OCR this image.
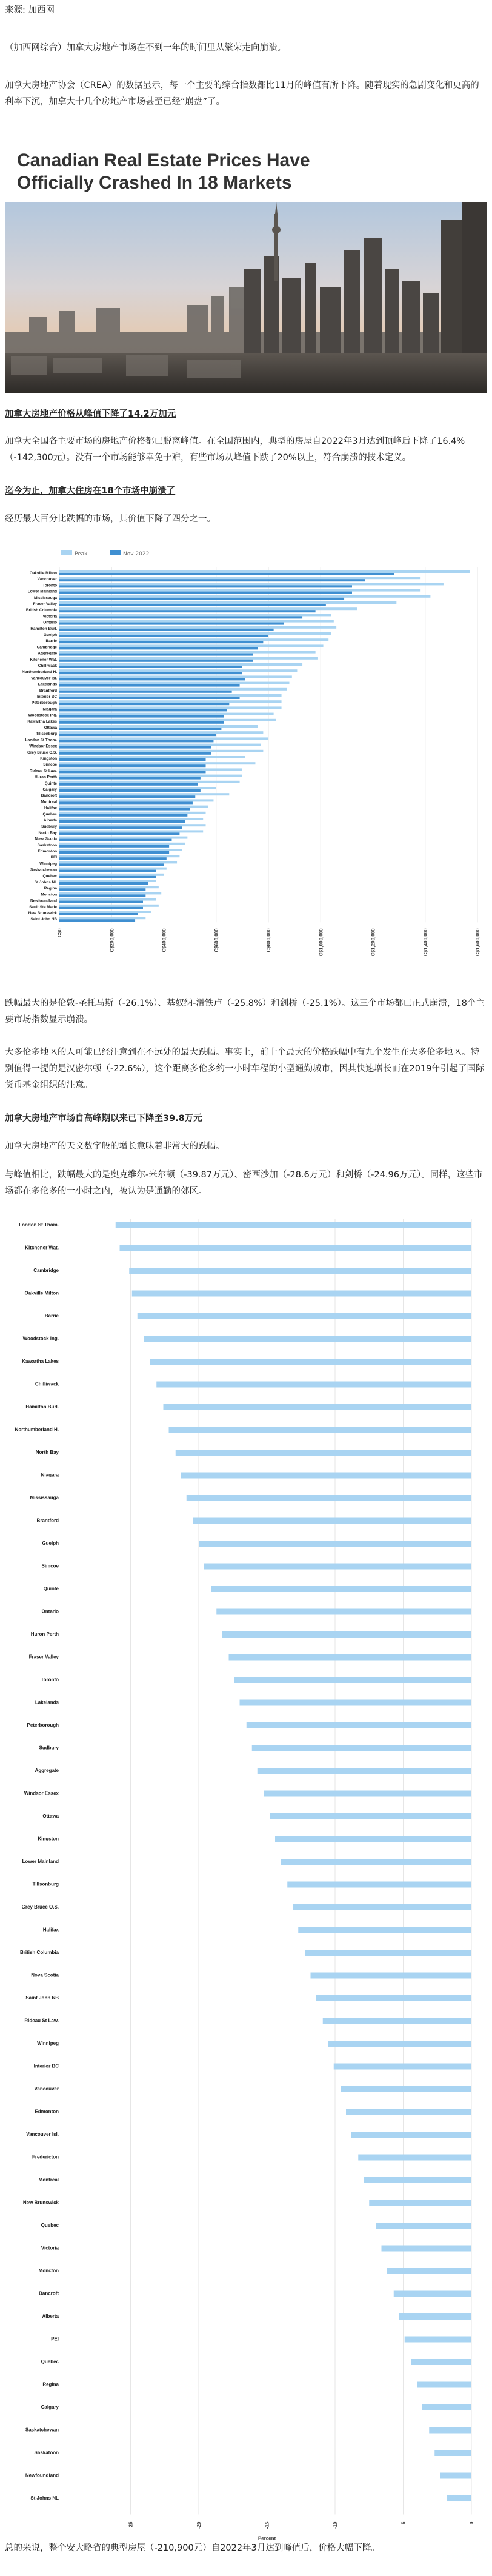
来源: 加西网

（加西网综合）加拿大房地产市场在不到一年的时间里从繁荣走向崩溃。

加拿大房地产协会（CREA）的数据显示，每一个主要的综合指数都比11月的峰值有所下降。随着现实的急剧变化和更高的利率下沉，加拿大十几个房地产市场甚至已经“崩盘”了。

Canadian Real Estate Prices Have Officially Crashed In 18 Markets

加拿大房地产价格从峰值下降了14.2万加元

加拿大全国各主要市场的房地产价格都已脱离峰值。在全国范围内，典型的房屋自2022年3月达到顶峰后下降了16.4%（-142,300元）。没有一个市场能够幸免于难，有些市场从峰值下跌了20%以上，符合崩溃的技术定义。

迄今为止，加拿大住房在18个市场中崩溃了

经历最大百分比跌幅的市场，其价值下降了四分之一。

Peak	Nov 2022
C$0	C$200,000	C$400,000	C$600,000	C$800,000	C$1,000,000	C$1,200,000	C$1,400,000	C$1,600,000
Oakville Milton
Vancouver
Toronto
Lower Mainland
Mississauga
Fraser Valley
British Columbia
Victoria
Ontario
Hamilton Burl.
Guelph
Barrie
Cambridge
Aggregate
Kitchener Wat.
Chilliwack
Northumberland H.
Vancouver Isl.
Lakelands
Brantford
Interior BC
Peterborough
Niagara
Woodstock Ing.
Kawartha Lakes
Ottawa
Tillsonburg
London St Thom.
Windsor Essex
Grey Bruce O.S.
Kingston
Simcoe
Rideau St Law.
Huron Perth
Quinte
Calgary
Bancroft
Montreal
Halifax
Quebec
Alberta
Sudbury
North Bay
Nova Scotia
Saskatoon
Edmonton
PEI
Winnipeg
Saskatchewan
Quebec
St Johns NL
Regina
Moncton
Newfoundland
Sault Ste Marie
New Brunswick
Saint John NB

跌幅最大的是伦敦-圣托马斯（-26.1%）、基奴纳-滑铁卢（-25.8%）和剑桥（-25.1%）。这三个市场都已正式崩溃，18个主要市场指数显示崩溃。

大多伦多地区的人可能已经注意到在不远处的最大跌幅。事实上，前十个最大的价格跌幅中有九个发生在大多伦多地区。特别值得一提的是汉密尔顿（-22.6%），这个距离多伦多约一小时车程的小型通勤城市，因其快速增长而在2019年引起了国际货币基金组织的注意。

加拿大房地产市场自高峰期以来已下降至39.8万元

加拿大房地产的天文数字般的增长意味着非常大的跌幅。

与峰值相比，跌幅最大的是奥克维尔-米尔顿（-39.87万元）、密西沙加（-28.6万元）和剑桥（-24.96万元）。同样，这些市场都在多伦多的一小时之内，被认为是通勤的郊区。

-25	-20	-15	-10	-5	0
Percent
London St Thom.
Kitchener Wat.
Cambridge
Oakville Milton
Barrie
Woodstock Ing.
Kawartha Lakes
Chilliwack
Hamilton Burl.
Northumberland H.
North Bay
Niagara
Mississauga
Brantford
Guelph
Simcoe
Quinte
Ontario
Huron Perth
Fraser Valley
Toronto
Lakelands
Peterborough
Sudbury
Aggregate
Windsor Essex
Ottawa
Kingston
Lower Mainland
Tillsonburg
Grey Bruce O.S.
Halifax
British Columbia
Nova Scotia
Saint John NB
Rideau St Law.
Winnipeg
Interior BC
Vancouver
Edmonton
Vancouver Isl.
Fredericton
Montreal
New Brunswick
Quebec
Victoria
Moncton
Bancroft
Alberta
PEI
Quebec
Regina
Calgary
Saskatchewan
Saskatoon
Newfoundland
St Johns NL

总的来说，整个安大略省的典型房屋（-210,900元）自2022年3月达到峰值后，价格大幅下降。
